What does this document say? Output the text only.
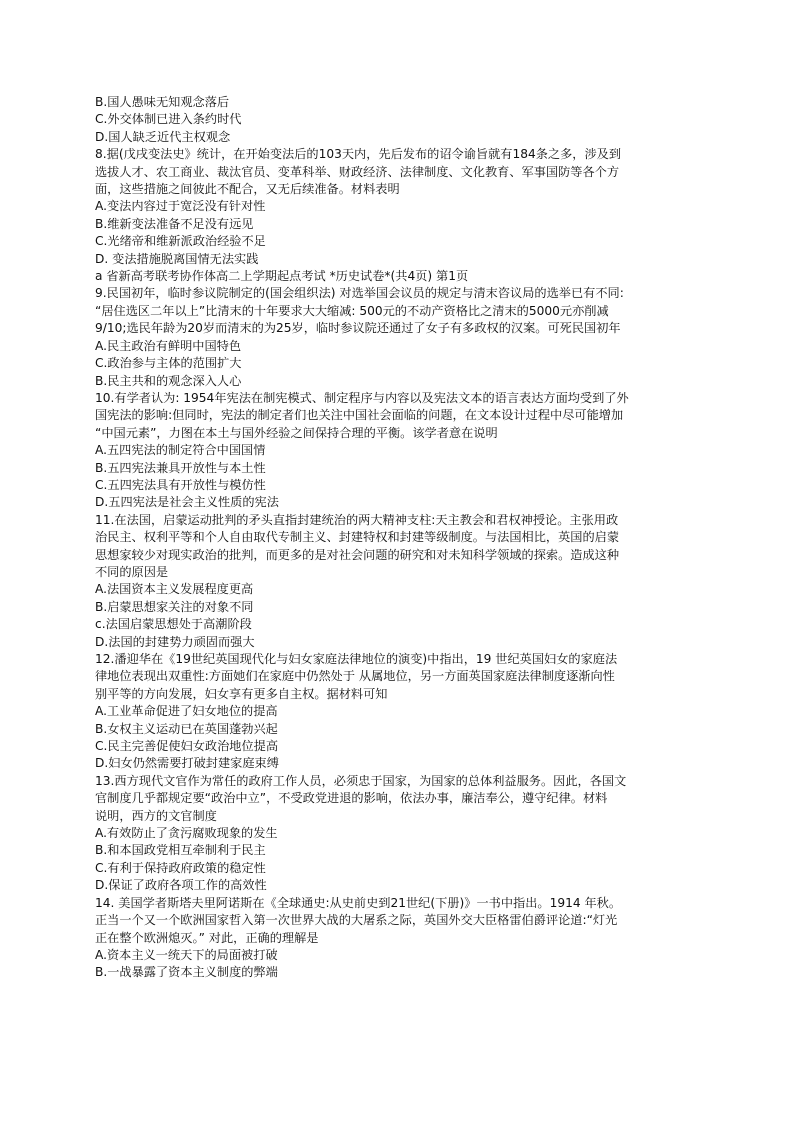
B.国人愚味无知观念落后
C.外交体制已进入条约时代
D.国人缺乏近代主权观念
8.据(戊戌变法史》统计，在开始变法后的103天内，先后发布的诏令谕旨就有184条之多，涉及到
选拔人才、农工商业、裁汰官员、变革科举、财政经济、法律制度、文化教育、军事国防等各个方
面，这些措施之间彼此不配合，又无后续准备。材料表明
A.变法内容过于宽泛没有针对性
B.维新变法准备不足没有远见
C.光绪帝和维新派政治经验不足
D. 变法措施脱离国情无法实践
a 省新高考联考协作体高二上学期起点考试 *历史试卷*(共4页) 第1页
9.民国初年，临时参议院制定的(国会组织法) 对选举国会议员的规定与清末咨议局的选举已有不同:
“居住选区二年以上”比清末的十年要求大大缩减: 500元的不动产资格比之清末的5000元亦削减
9/10;选民年龄为20岁而清末的为25岁，临时参议院还通过了女子有多政权的汉案。可死民国初年
A.民主政治有鲜明中国特色
C.政治参与主体的范围扩大
B.民主共和的观念深入人心
10.有学者认为: 1954年宪法在制宪模式、制定程序与内容以及宪法文本的语言表达方面均受到了外
国宪法的影响:但同时，宪法的制定者们也关注中国社会面临的问题，在文本设计过程中尽可能增加
“中国元素”，力图在本土与国外经验之间保持合理的平衡。该学者意在说明
A.五四宪法的制定符合中国国情
B.五四宪法兼具开放性与本土性
C.五四宪法具有开放性与模仿性
D.五四宪法是社会主义性质的宪法
11.在法国，启蒙运动批判的矛头直指封建统治的两大精神支柱:天主教会和君权神授论。主张用政
治民主、权利平等和个人自由取代专制主义、封建特权和封建等级制度。与法国相比，英国的启蒙
思想家较少对现实政治的批判，而更多的是对社会问题的研究和对未知科学领域的探索。造成这种
不同的原因是
A.法国资本主义发展程度更高
B.启蒙思想家关注的对象不同
c.法国启蒙思想处于高潮阶段
D.法国的封建势力顽固而强大
12.潘迎华在《19世纪英国现代化与妇女家庭法律地位的演变)中指出，19 世纪英国妇女的家庭法
律地位表现出双重性:方面她们在家庭中仍然处于 从属地位，另一方面英国家庭法律制度逐渐向性
别平等的方向发展，妇女享有更多自主权。据材料可知
A.工业革命促进了妇女地位的提高
B.女权主义运动已在英国蓬勃兴起
C.民主完善促使妇女政治地位提高
D.妇女仍然需要打破封建家庭束缚
13.西方现代文官作为常任的政府工作人员，必须忠于国家，为国家的总体利益服务。因此，各国文
官制度几乎都规定要“政治中立”，不受政党进退的影响，依法办事，廉洁奉公，遵守纪律。材料
说明，西方的文官制度
A.有效防止了贪污腐败现象的发生
B.和本国政党相互牵制利于民主
C.有利于保持政府政策的稳定性
D.保证了政府各项工作的高效性
14. 美国学者斯塔夫里阿诺斯在《全球通史:从史前史到21世纪(下册)》一书中指出。1914 年秋。
正当一个又一个欧洲国家哲入第一次世界大战的大屠系之际，英国外交大臣格雷伯爵评论道:“灯光
正在整个欧洲熄灭。” 对此，正确的理解是
A.资本主义一统天下的局面被打破
B.一战暴露了资本主义制度的弊端
